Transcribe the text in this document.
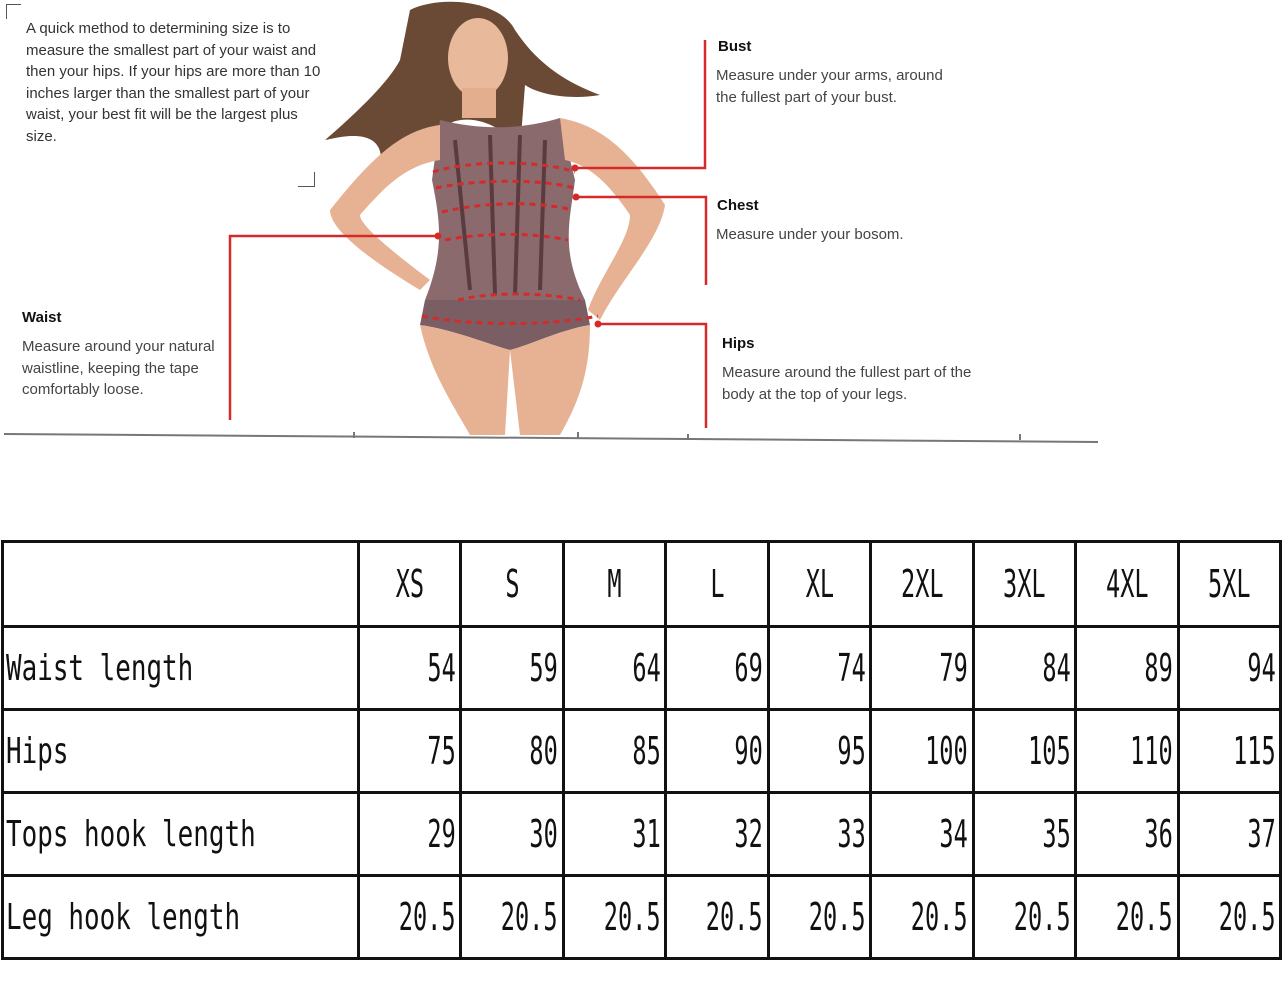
A quick method to determining size is to measure the smallest part of your waist and then your hips. If your hips are more than 10 inches larger than the smallest part of your waist, your best fit will be the largest plus size.
Bust
Measure under your arms, around the fullest part of your bust.
Chest
Measure under your bosom.
Waist
Measure around your natural waistline, keeping the tape comfortably loose.
Hips
Measure around the fullest part of the body at the top of your legs.
	XS	S	M	L	XL	2XL	3XL	4XL	5XL
Waist length	54	59	64	69	74	79	84	89	94
Hips	75	80	85	90	95	100	105	110	115
Tops hook length	29	30	31	32	33	34	35	36	37
Leg hook length	20.5	20.5	20.5	20.5	20.5	20.5	20.5	20.5	20.5
